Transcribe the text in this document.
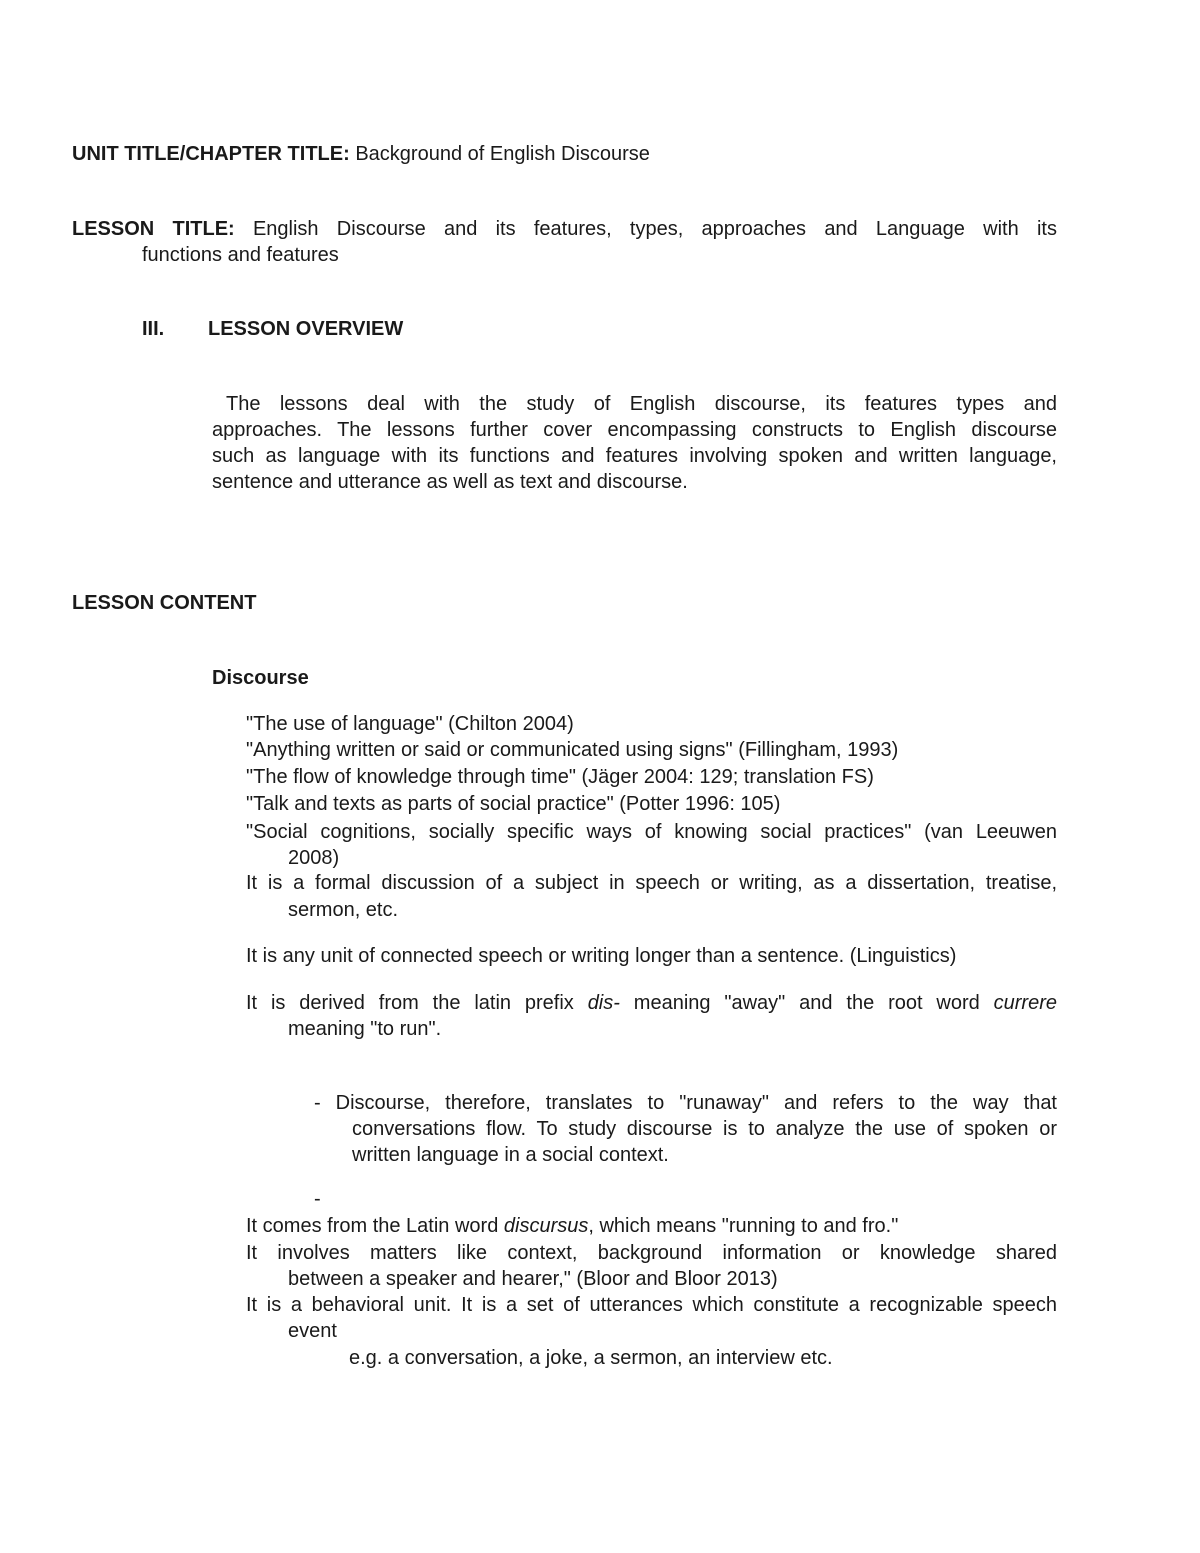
UNIT TITLE/CHAPTER TITLE: Background of English Discourse
LESSON TITLE: English Discourse and its features, types, approaches and Language with its
functions and features
III. LESSON OVERVIEW
The lessons deal with the study of English discourse, its features types and
approaches. The lessons further cover encompassing constructs to English discourse
such as language with its functions and features involving spoken and written language,
sentence and utterance as well as text and discourse.
LESSON CONTENT
Discourse
"The use of language" (Chilton 2004)
"Anything written or said or communicated using signs" (Fillingham, 1993)
"The flow of knowledge through time" (Jäger 2004: 129; translation FS)
"Talk and texts as parts of social practice" (Potter 1996: 105)
"Social cognitions, socially specific ways of knowing social practices" (van Leeuwen
2008)
It is a formal discussion of a subject in speech or writing, as a dissertation, treatise,
sermon, etc.
It is any unit of connected speech or writing longer than a sentence. (Linguistics)
It is derived from the latin prefix dis- meaning "away" and the root word currere
meaning "to run".
- Discourse, therefore, translates to "runaway" and refers to the way that
conversations flow. To study discourse is to analyze the use of spoken or
written language in a social context.
-
It comes from the Latin word discursus, which means "running to and fro."
It involves matters like context, background information or knowledge shared
between a speaker and hearer," (Bloor and Bloor 2013)
It is a behavioral unit. It is a set of utterances which constitute a recognizable speech
event
e.g. a conversation, a joke, a sermon, an interview etc.
